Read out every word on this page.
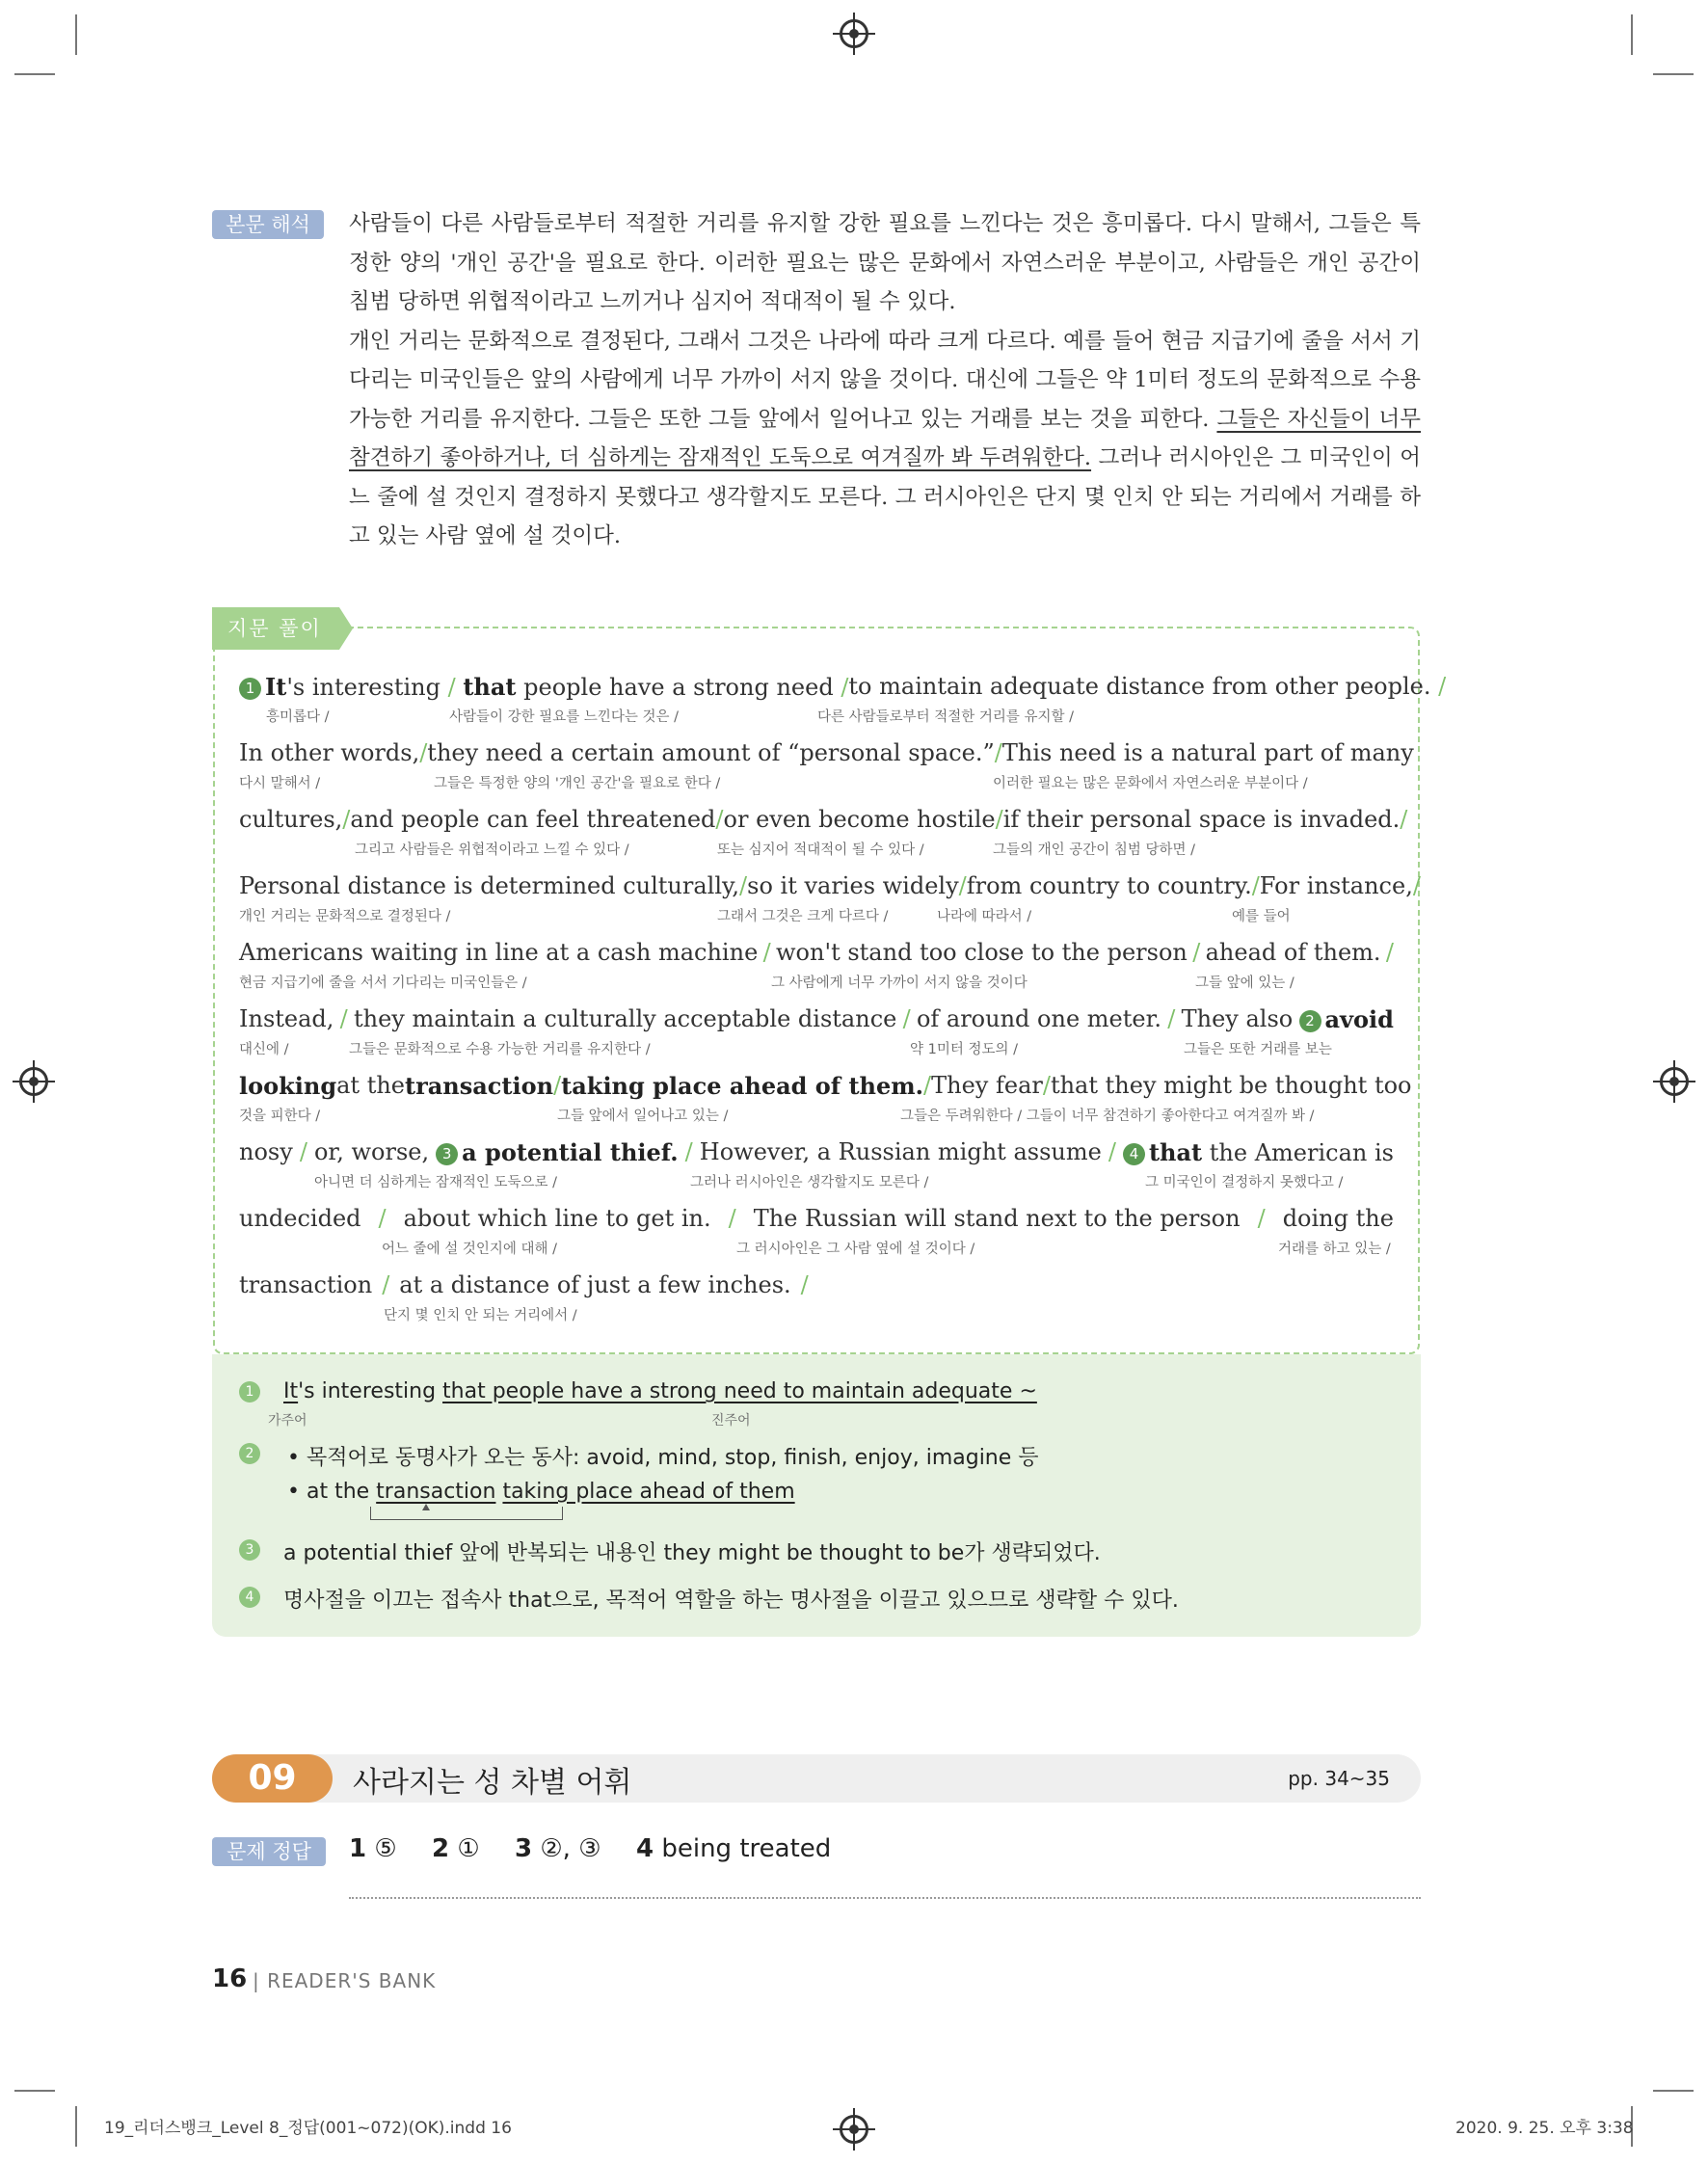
본문 해석	사람들이 다른 사람들로부터 적절한 거리를 유지할 강한 필요를 느낀다는 것은 흥미롭다. 다시 말해서, 그들은 특정한 양의 '개인 공간'을 필요로 한다. 이러한 필요는 많은 문화에서 자연스러운 부분이고, 사람들은 개인 공간이 침범 당하면 위협적이라고 느끼거나 심지어 적대적이 될 수 있다.

개인 거리는 문화적으로 결정된다, 그래서 그것은 나라에 따라 크게 다르다. 예를 들어 현금 지급기에 줄을 서서 기다리는 미국인들은 앞의 사람에게 너무 가까이 서지 않을 것이다. 대신에 그들은 약 1미터 정도의 문화적으로 수용 가능한 거리를 유지한다. 그들은 또한 그들 앞에서 일어나고 있는 거래를 보는 것을 피한다. 그들은 자신들이 너무 참견하기 좋아하거나, 더 심하게는 잠재적인 도둑으로 여겨질까 봐 두려워한다. 그러나 러시아인은 그 미국인이 어느 줄에 설 것인지 결정하지 못했다고 생각할지도 모른다. 그 러시아인은 단지 몇 인치 안 되는 거리에서 거래를 하고 있는 사람 옆에 설 것이다.

지문 풀이
1 It's interesting / that people have a strong need / to maintain adequate distance from other people. /
흥미롭다 /	사람들이 강한 필요를 느낀다는 것은 /	다른 사람들로부터 적절한 거리를 유지할 /
In other words, / they need a certain amount of “personal space.” / This need is a natural part of many
다시 말해서 /	그들은 특정한 양의 '개인 공간'을 필요로 한다 /	이러한 필요는 많은 문화에서 자연스러운 부분이다 /
cultures, / and people can feel threatened / or even become hostile / if their personal space is invaded. /
그리고 사람들은 위협적이라고 느낄 수 있다 /	또는 심지어 적대적이 될 수 있다 /	그들의 개인 공간이 침범 당하면 /
Personal distance is determined culturally, / so it varies widely / from country to country. / For instance, /
개인 거리는 문화적으로 결정된다 /	그래서 그것은 크게 다르다 /	나라에 따라서 /	예를 들어
Americans waiting in line at a cash machine / won't stand too close to the person / ahead of them. /
현금 지급기에 줄을 서서 기다리는 미국인들은 /	그 사람에게 너무 가까이 서지 않을 것이다	그들 앞에 있는 /
Instead, / they maintain a culturally acceptable distance / of around one meter. / They also 2 avoid
대신에 /	그들은 문화적으로 수용 가능한 거리를 유지한다 /	약 1미터 정도의 /	그들은 또한 거래를 보는
looking at the transaction / taking place ahead of them. / They fear / that they might be thought too
것을 피한다 /	그들 앞에서 일어나고 있는 /	그들은 두려워한다 / 그들이 너무 참견하기 좋아한다고 여겨질까 봐 /
nosy / or, worse, 3 a potential thief. / However, a Russian might assume / 4 that the American is
아니면 더 심하게는 잠재적인 도둑으로 /	그러나 러시아인은 생각할지도 모른다 /	그 미국인이 결정하지 못했다고 /
undecided / about which line to get in. / The Russian will stand next to the person / doing the
어느 줄에 설 것인지에 대해 /	그 러시아인은 그 사람 옆에 설 것이다 /	거래를 하고 있는 /
transaction / at a distance of just a few inches. /
단지 몇 인치 안 되는 거리에서 /
1 It's interesting that people have a strong need to maintain adequate ~
가주어	진주어
2 • 목적어로 동명사가 오는 동사: avoid, mind, stop, finish, enjoy, imagine 등
• at the transaction taking place ahead of them
3 a potential thief 앞에 반복되는 내용인 they might be thought to be가 생략되었다.
4 명사절을 이끄는 접속사 that으로, 목적어 역할을 하는 명사절을 이끌고 있으므로 생략할 수 있다.
09	사라지는 성 차별 어휘	pp. 34~35
문제 정답	1 ⑤ 2 ① 3 ②, ③ 4 being treated
16 | READER'S BANK
19_리더스뱅크_Level 8_정답(001~072)(OK).indd 16	2020. 9. 25. 오후 3:38
